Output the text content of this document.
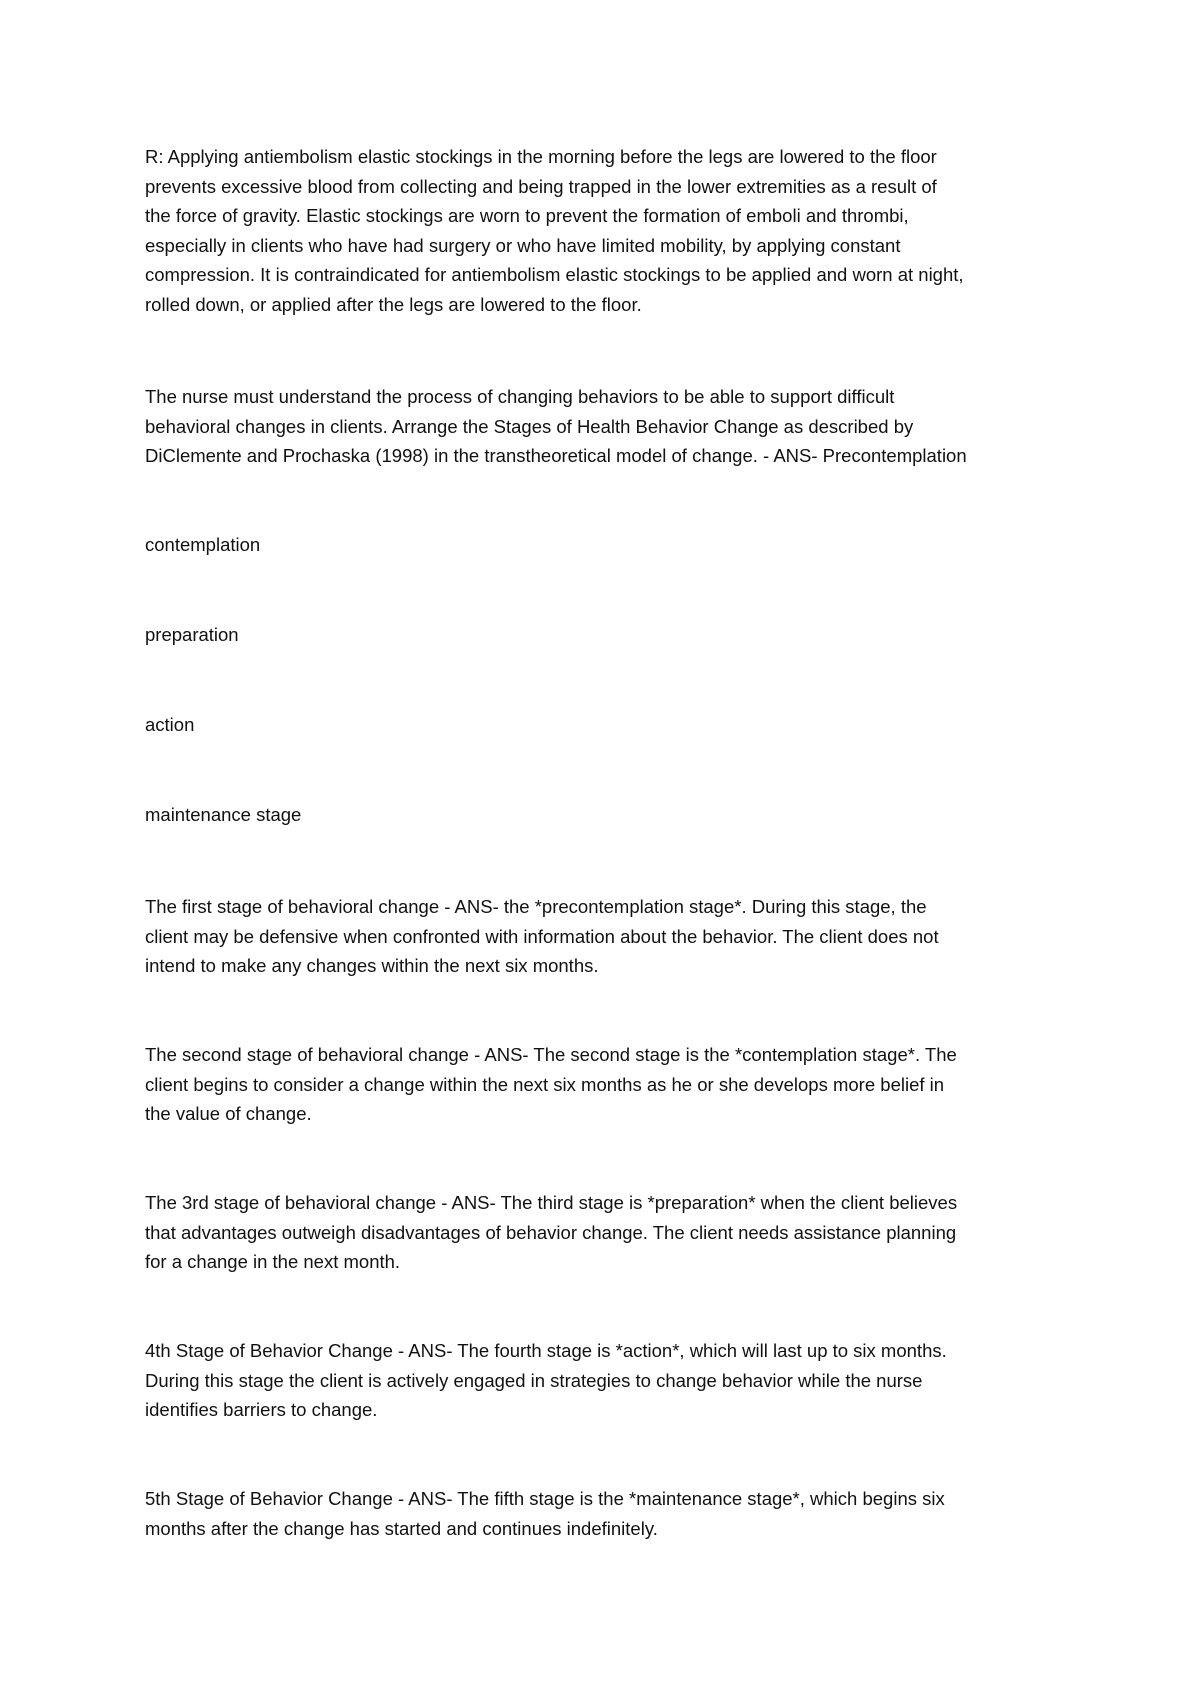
R: Applying antiembolism elastic stockings in the morning before the legs are lowered to the floor
prevents excessive blood from collecting and being trapped in the lower extremities as a result of
the force of gravity. Elastic stockings are worn to prevent the formation of emboli and thrombi,
especially in clients who have had surgery or who have limited mobility, by applying constant
compression. It is contraindicated for antiembolism elastic stockings to be applied and worn at night,
rolled down, or applied after the legs are lowered to the floor.
The nurse must understand the process of changing behaviors to be able to support difficult
behavioral changes in clients. Arrange the Stages of Health Behavior Change as described by
DiClemente and Prochaska (1998) in the transtheoretical model of change. - ANS- Precontemplation
contemplation
preparation
action
maintenance stage
The first stage of behavioral change - ANS- the *precontemplation stage*. During this stage, the
client may be defensive when confronted with information about the behavior. The client does not
intend to make any changes within the next six months.
The second stage of behavioral change - ANS- The second stage is the *contemplation stage*. The
client begins to consider a change within the next six months as he or she develops more belief in
the value of change.
The 3rd stage of behavioral change - ANS- The third stage is *preparation* when the client believes
that advantages outweigh disadvantages of behavior change. The client needs assistance planning
for a change in the next month.
4th Stage of Behavior Change - ANS- The fourth stage is *action*, which will last up to six months.
During this stage the client is actively engaged in strategies to change behavior while the nurse
identifies barriers to change.
5th Stage of Behavior Change - ANS- The fifth stage is the *maintenance stage*, which begins six
months after the change has started and continues indefinitely.
